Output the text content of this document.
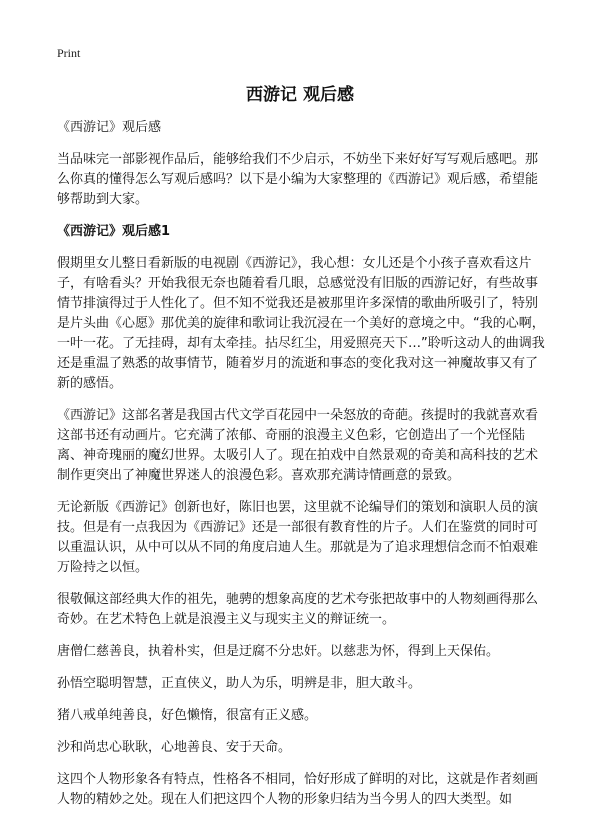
Print
西游记 观后感

《西游记》观后感

当品味完一部影视作品后，能够给我们不少启示，不妨坐下来好好写写观后感吧。那么你真的懂得怎么写观后感吗？以下是小编为大家整理的《西游记》观后感，希望能够帮助到大家。

《西游记》观后感1

假期里女儿整日看新版的电视剧《西游记》，我心想：女儿还是个小孩子喜欢看这片子，有啥看头？开始我很无奈也随着看几眼，总感觉没有旧版的西游记好，有些故事情节排演得过于人性化了。但不知不觉我还是被那里许多深情的歌曲所吸引了，特别是片头曲《心愿》那优美的旋律和歌词让我沉浸在一个美好的意境之中。“我的心啊，一叶一花。了无挂碍，却有太牵挂。拈尽红尘，用爱照亮天下…”聆听这动人的曲调我还是重温了熟悉的故事情节，随着岁月的流逝和事态的变化我对这一神魔故事又有了新的感悟。

《西游记》这部名著是我国古代文学百花园中一朵怒放的奇葩。孩提时的我就喜欢看这部书还有动画片。它充满了浓郁、奇丽的浪漫主义色彩，它创造出了一个光怪陆离、神奇瑰丽的魔幻世界。太吸引人了。现在拍戏中自然景观的奇美和高科技的艺术制作更突出了神魔世界迷人的浪漫色彩。喜欢那充满诗情画意的景致。

无论新版《西游记》创新也好，陈旧也罢，这里就不论编导们的策划和演职人员的演技。但是有一点我因为《西游记》还是一部很有教育性的片子。人们在鉴赏的同时可以重温认识，从中可以从不同的角度启迪人生。那就是为了追求理想信念而不怕艰难万险持之以恒。

很敬佩这部经典大作的祖先，驰骋的想象高度的艺术夸张把故事中的人物刻画得那么奇妙。在艺术特色上就是浪漫主义与现实主义的辩证统一。

唐僧仁慈善良，执着朴实，但是迂腐不分忠奸。以慈悲为怀，得到上天保佑。

孙悟空聪明智慧，正直侠义，助人为乐，明辨是非，胆大敢斗。

猪八戒单纯善良，好色懒惰，很富有正义感。

沙和尚忠心耿耿，心地善良、安于天命。

这四个人物形象各有特点，性格各不相同，恰好形成了鲜明的对比，这就是作者刻画人物的精妙之处。现在人们把这四个人物的形象归结为当今男人的四大类型。如
